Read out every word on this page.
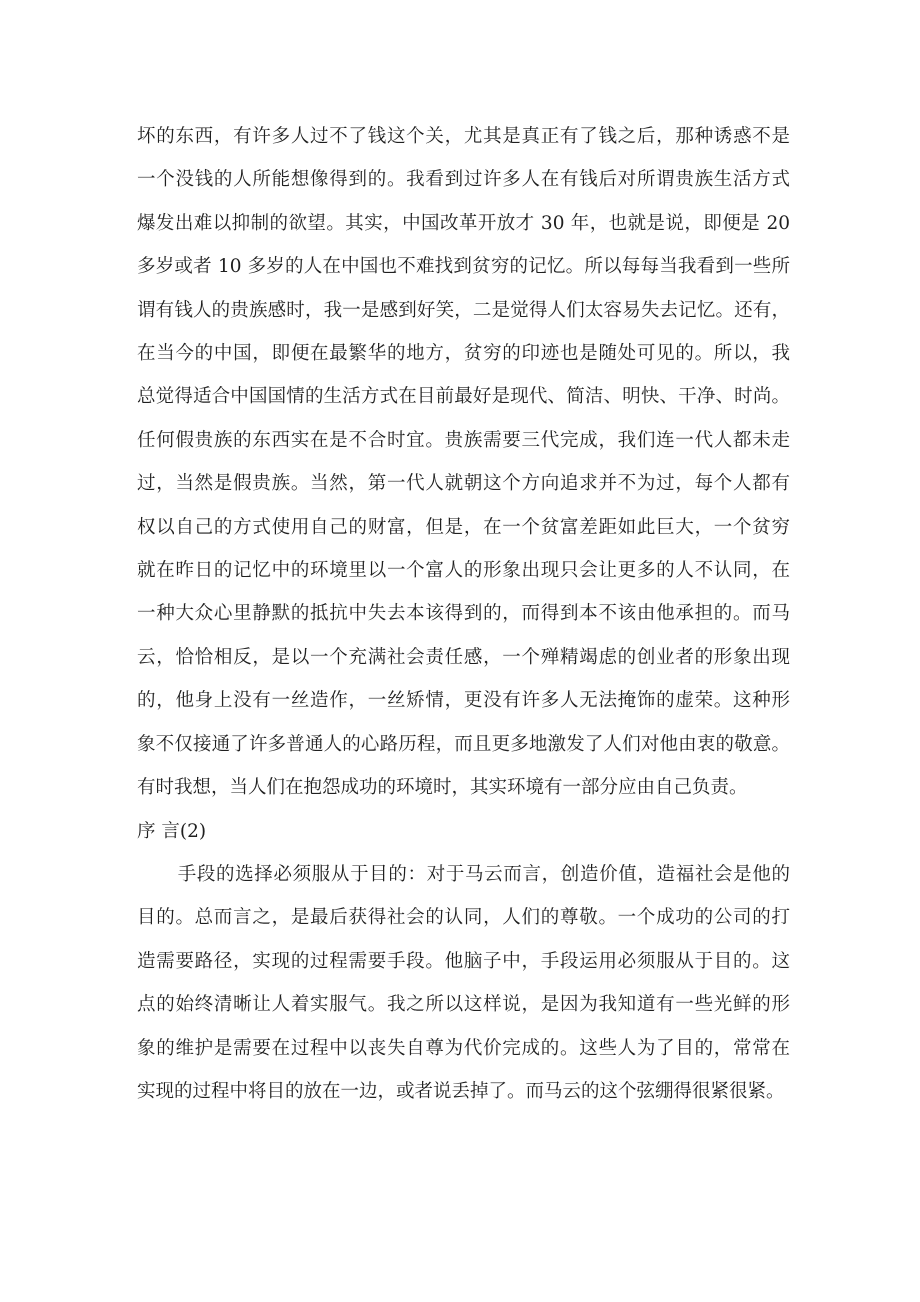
坏的东西，有许多人过不了钱这个关，尤其是真正有了钱之后，那种诱惑不是
一个没钱的人所能想像得到的。我看到过许多人在有钱后对所谓贵族生活方式
爆发出难以抑制的欲望。其实，中国改革开放才 30 年，也就是说，即便是 20
多岁或者 10 多岁的人在中国也不难找到贫穷的记忆。所以每每当我看到一些所
谓有钱人的贵族感时，我一是感到好笑，二是觉得人们太容易失去记忆。还有，
在当今的中国，即便在最繁华的地方，贫穷的印迹也是随处可见的。所以，我
总觉得适合中国国情的生活方式在目前最好是现代、简洁、明快、干净、时尚。
任何假贵族的东西实在是不合时宜。贵族需要三代完成，我们连一代人都未走
过，当然是假贵族。当然，第一代人就朝这个方向追求并不为过，每个人都有
权以自己的方式使用自己的财富，但是，在一个贫富差距如此巨大，一个贫穷
就在昨日的记忆中的环境里以一个富人的形象出现只会让更多的人不认同，在
一种大众心里静默的抵抗中失去本该得到的，而得到本不该由他承担的。而马
云，恰恰相反，是以一个充满社会责任感，一个殚精竭虑的创业者的形象出现
的，他身上没有一丝造作，一丝矫情，更没有许多人无法掩饰的虚荣。这种形
象不仅接通了许多普通人的心路历程，而且更多地激发了人们对他由衷的敬意。
有时我想，当人们在抱怨成功的环境时，其实环境有一部分应由自己负责。
序 言(2)
手段的选择必须服从于目的：对于马云而言，创造价值，造福社会是他的
目的。总而言之，是最后获得社会的认同，人们的尊敬。一个成功的公司的打
造需要路径，实现的过程需要手段。他脑子中，手段运用必须服从于目的。这
点的始终清晰让人着实服气。我之所以这样说，是因为我知道有一些光鲜的形
象的维护是需要在过程中以丧失自尊为代价完成的。这些人为了目的，常常在
实现的过程中将目的放在一边，或者说丢掉了。而马云的这个弦绷得很紧很紧。
